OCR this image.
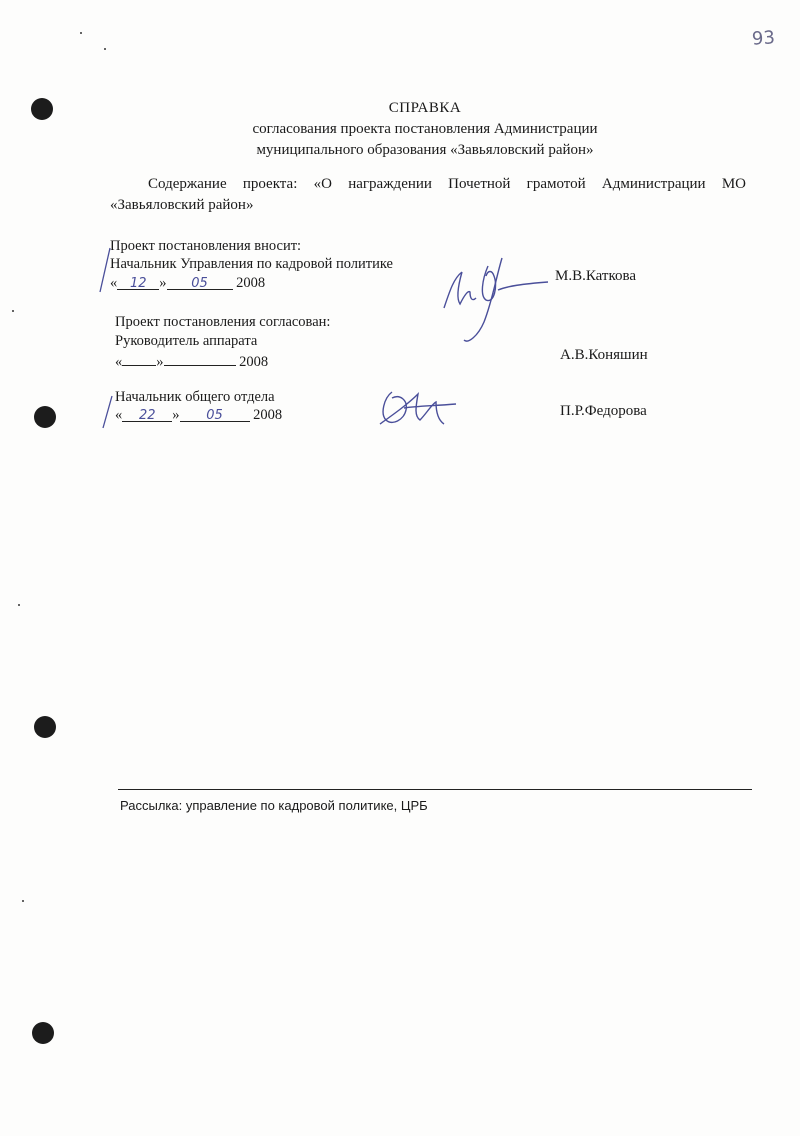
93
СПРАВКА
согласования проекта постановления Администрации
муниципального образования «Завьяловский район»
Содержание проекта: «О награждении Почетной грамотой Администрации МО «Завьяловский район»
Проект постановления вносит:
Начальник Управления по кадровой политике
« 12 » 05 2008	М.В.Каткова
Проект постановления согласован:
Руководитель аппарата
« »	2008	А.В.Коняшин
Начальник общего отдела
« 22 » 05 2008	П.Р.Федорова
Рассылка: управление по кадровой политике, ЦРБ
